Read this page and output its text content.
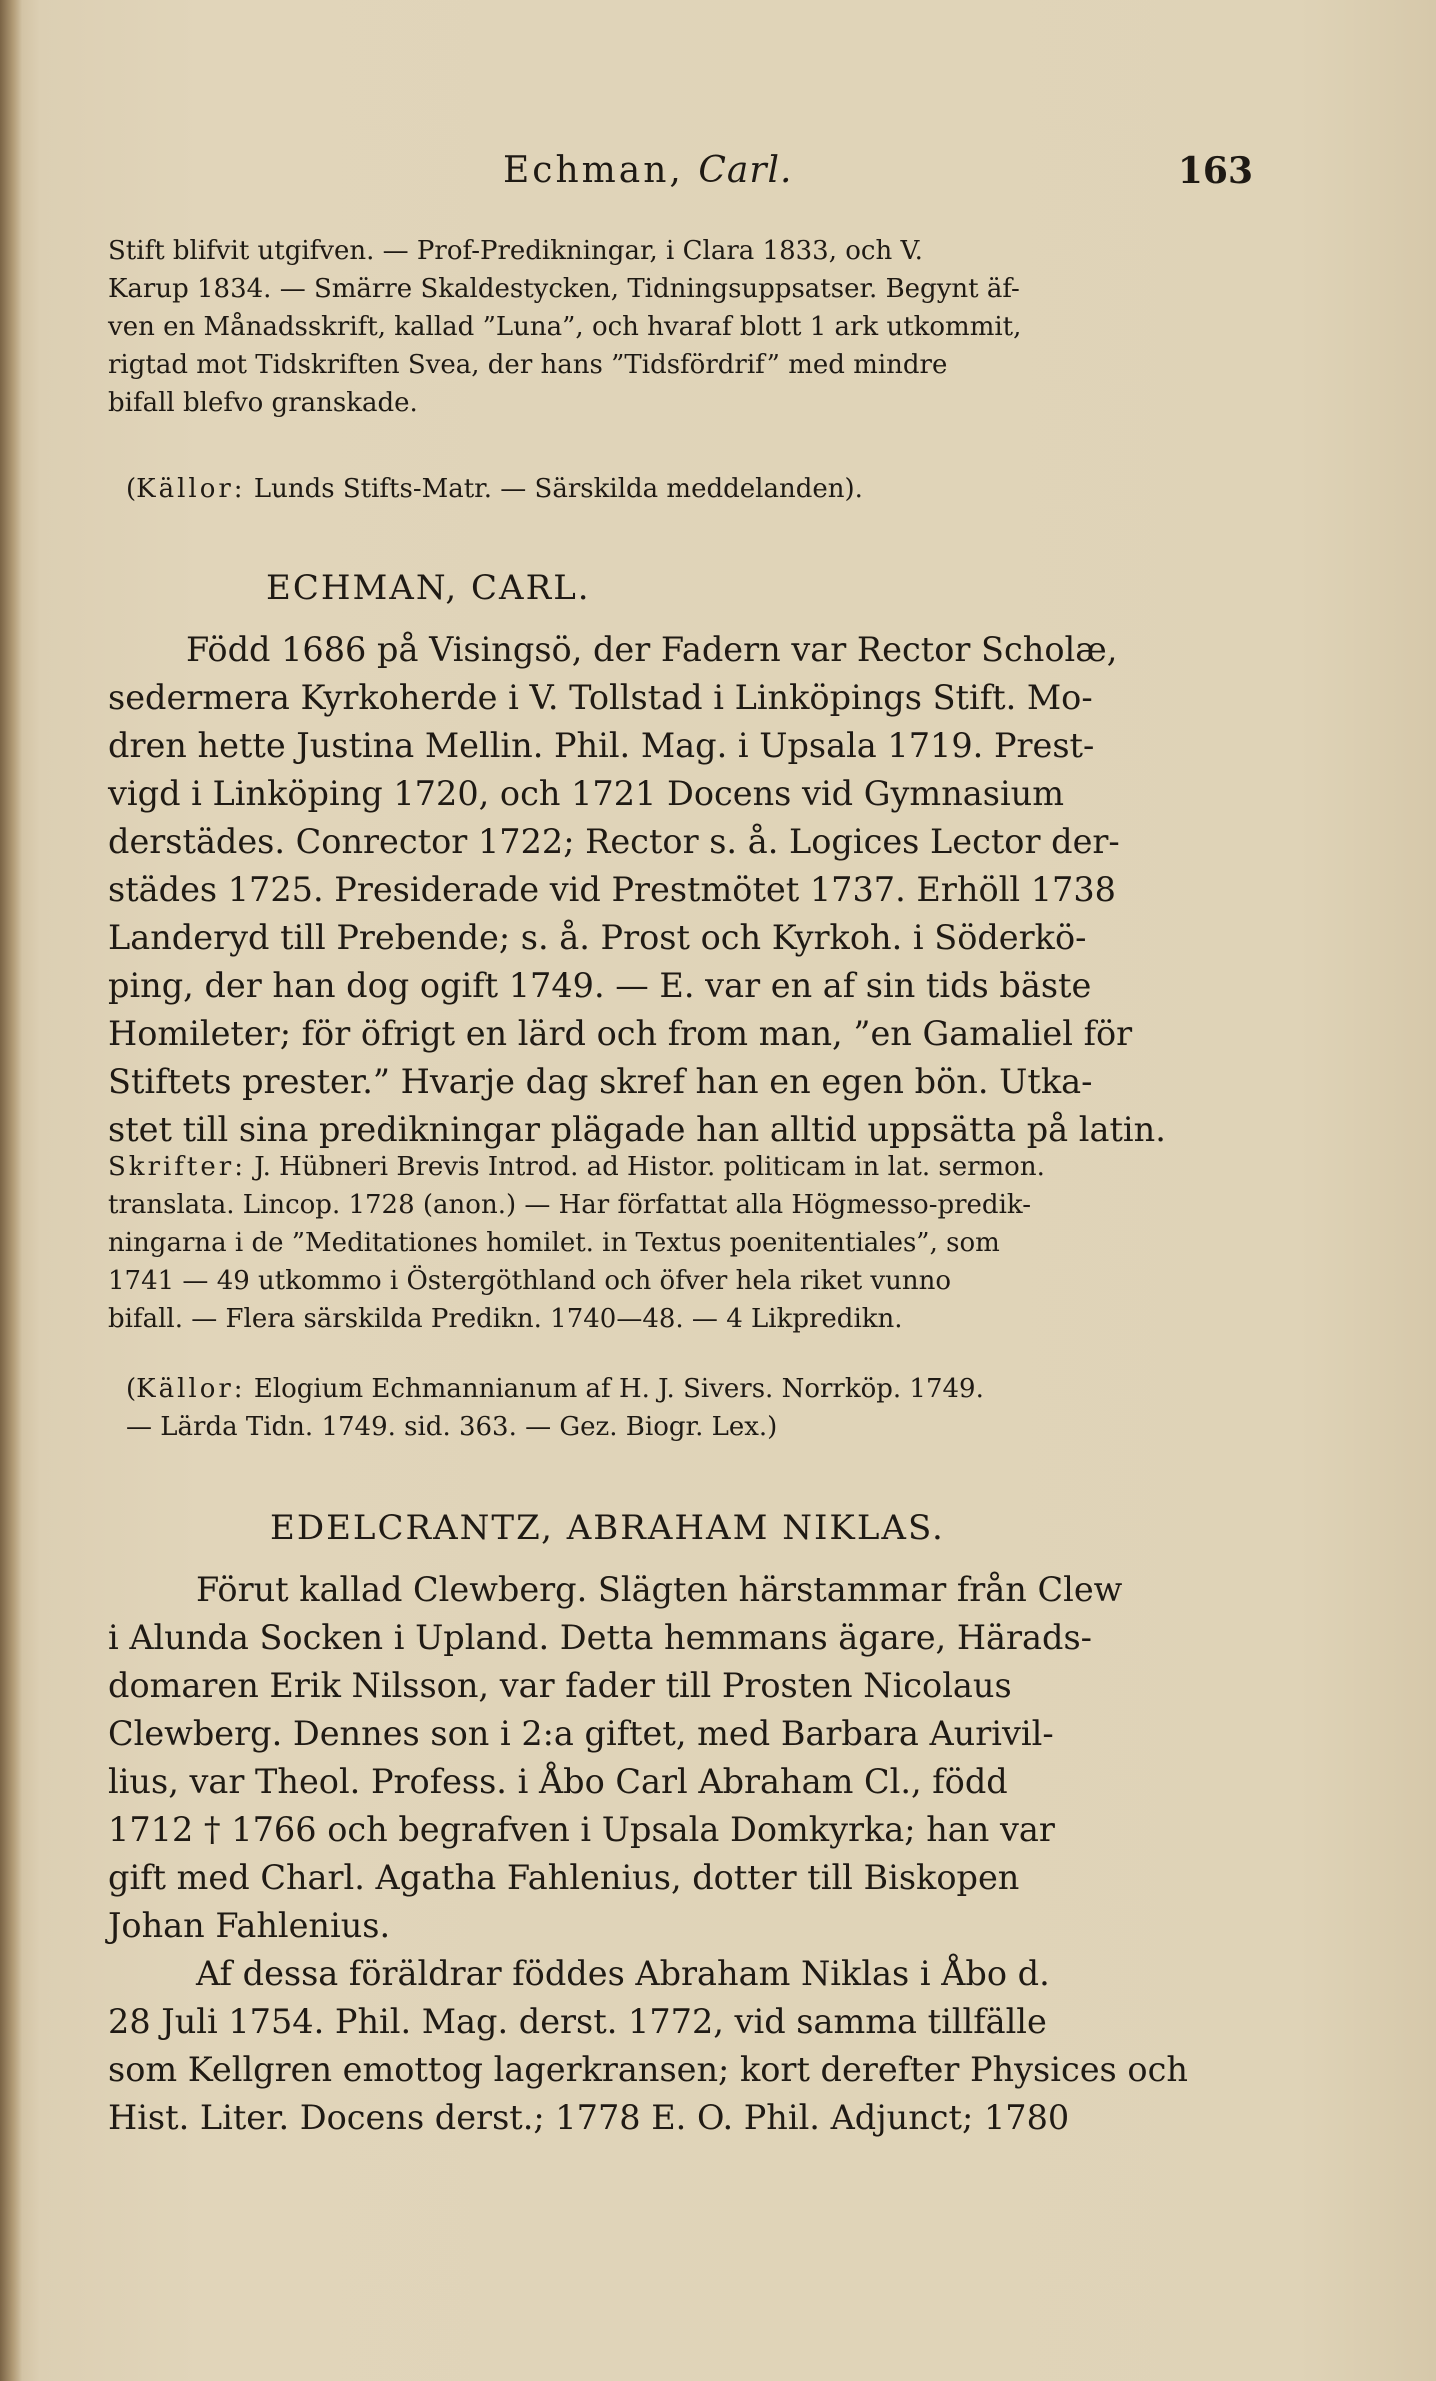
Echman, Carl.	163
Stift blifvit utgifven. — Prof-Predikningar, i Clara 1833, och V.
Karup 1834. — Smärre Skaldestycken, Tidningsuppsatser. Begynt äf-
ven en Månadsskrift, kallad ”Luna”, och hvaraf blott 1 ark utkommit,
rigtad mot Tidskriften Svea, der hans ”Tidsfördrif” med mindre
bifall blefvo granskade.
(Källor: Lunds Stifts-Matr. — Särskilda meddelanden).
ECHMAN, CARL.
Född 1686 på Visingsö, der Fadern var Rector Scholæ,
sedermera Kyrkoherde i V. Tollstad i Linköpings Stift. Mo-
dren hette Justina Mellin. Phil. Mag. i Upsala 1719. Prest-
vigd i Linköping 1720, och 1721 Docens vid Gymnasium
derstädes. Conrector 1722; Rector s. å. Logices Lector der-
städes 1725. Presiderade vid Prestmötet 1737. Erhöll 1738
Landeryd till Prebende; s. å. Prost och Kyrkoh. i Söderkö-
ping, der han dog ogift 1749. — E. var en af sin tids bäste
Homileter; för öfrigt en lärd och from man, ”en Gamaliel för
Stiftets prester.” Hvarje dag skref han en egen bön. Utka-
stet till sina predikningar plägade han alltid uppsätta på latin.
Skrifter: J. Hübneri Brevis Introd. ad Histor. politicam in lat. sermon.
translata. Lincop. 1728 (anon.) — Har författat alla Högmesso-predik-
ningarna i de ”Meditationes homilet. in Textus poenitentiales”, som
1741 — 49 utkommo i Östergöthland och öfver hela riket vunno
bifall. — Flera särskilda Predikn. 1740—48. — 4 Likpredikn.
(Källor: Elogium Echmannianum af H. J. Sivers. Norrköp. 1749.
— Lärda Tidn. 1749. sid. 363. — Gez. Biogr. Lex.)
EDELCRANTZ, ABRAHAM NIKLAS.
Förut kallad Clewberg. Slägten härstammar från Clew
i Alunda Socken i Upland. Detta hemmans ägare, Härads-
domaren Erik Nilsson, var fader till Prosten Nicolaus
Clewberg. Dennes son i 2:a giftet, med Barbara Aurivil-
lius, var Theol. Profess. i Åbo Carl Abraham Cl., född
1712 † 1766 och begrafven i Upsala Domkyrka; han var
gift med Charl. Agatha Fahlenius, dotter till Biskopen
Johan Fahlenius.
Af dessa föräldrar föddes Abraham Niklas i Åbo d.
28 Juli 1754. Phil. Mag. derst. 1772, vid samma tillfälle
som Kellgren emottog lagerkransen; kort derefter Physices och
Hist. Liter. Docens derst.; 1778 E. O. Phil. Adjunct; 1780
